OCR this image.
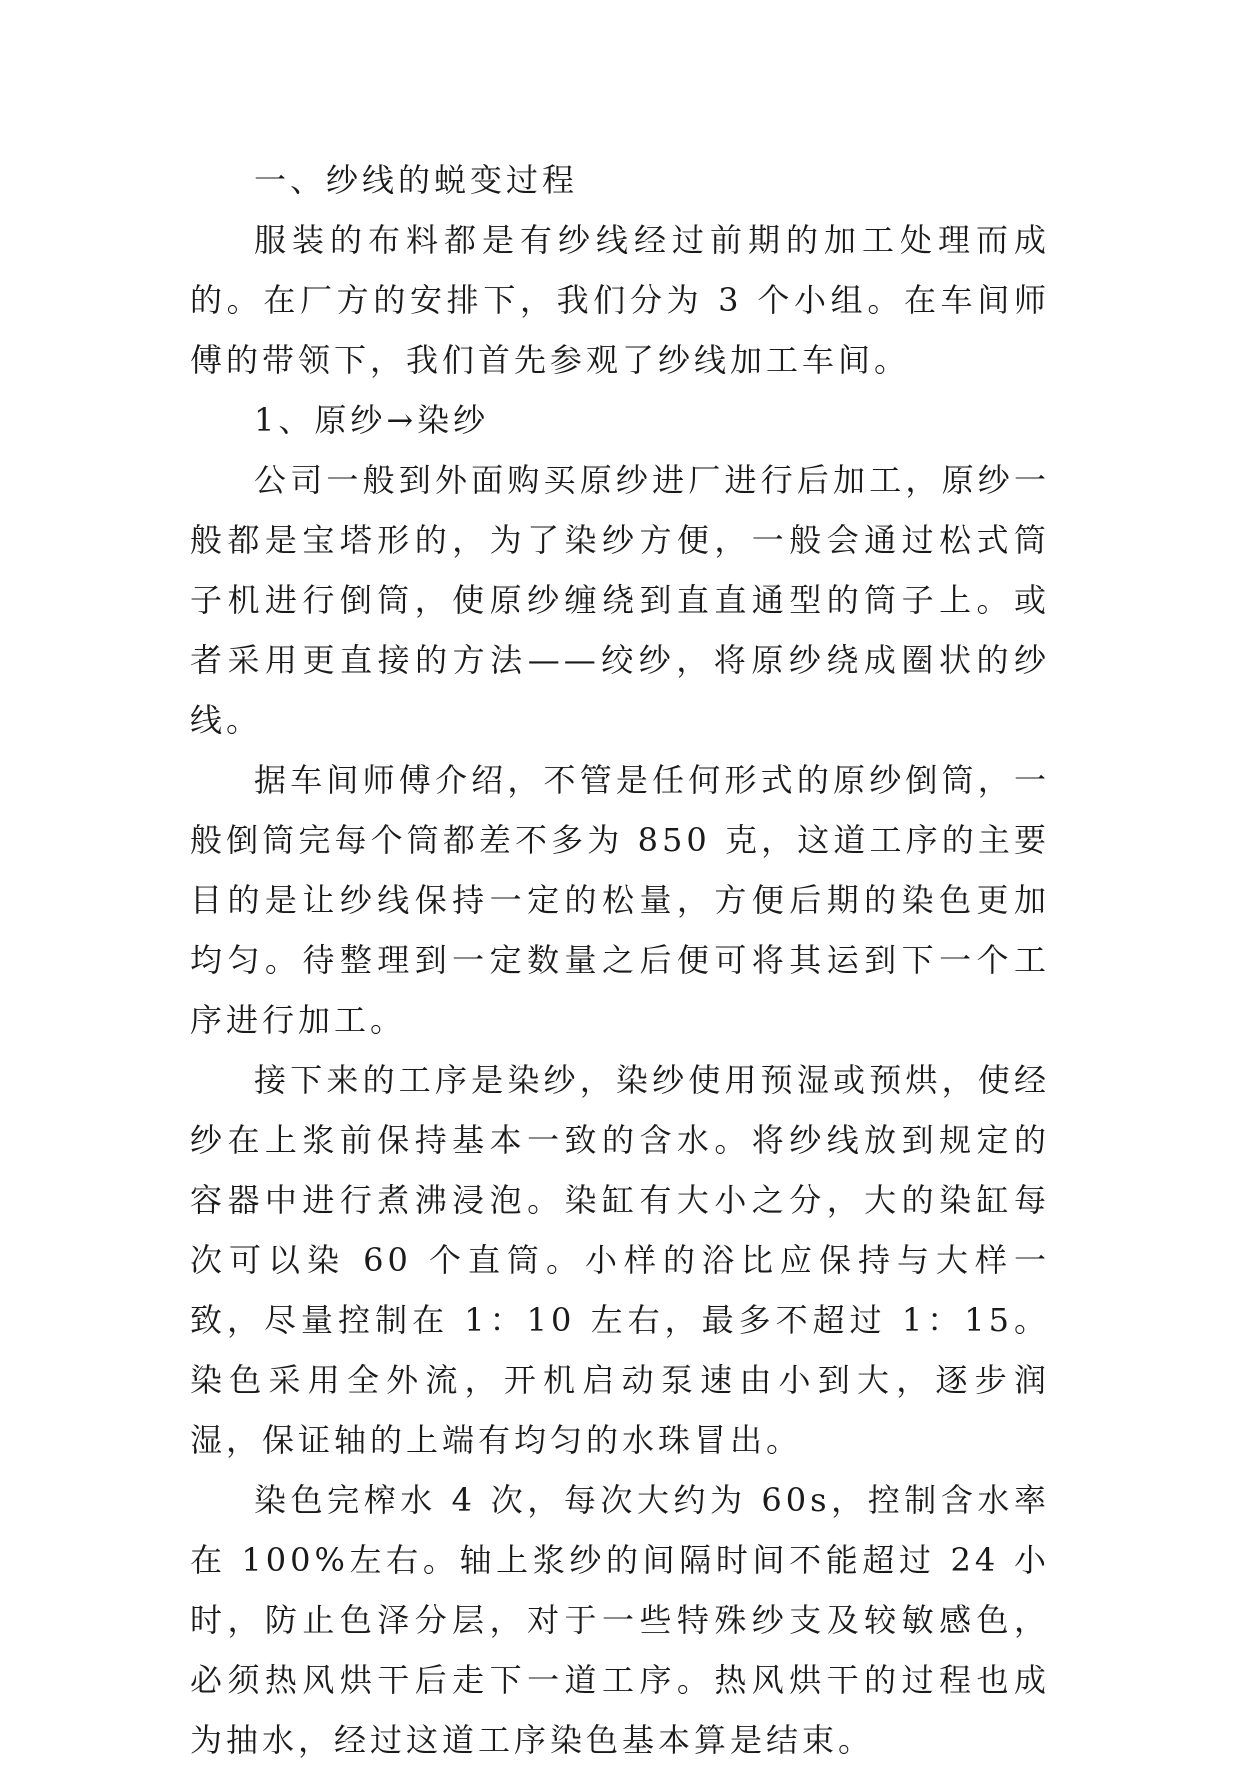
一、纱线的蜕变过程

服装的布料都是有纱线经过前期的加工处理而成的。在厂方的安排下，我们分为 3 个小组。在车间师傅的带领下，我们首先参观了纱线加工车间。

1、原纱→染纱

公司一般到外面购买原纱进厂进行后加工，原纱一般都是宝塔形的，为了染纱方便，一般会通过松式筒子机进行倒筒，使原纱缠绕到直直通型的筒子上。或者采用更直接的方法——绞纱，将原纱绕成圈状的纱线。

据车间师傅介绍，不管是任何形式的原纱倒筒，一般倒筒完每个筒都差不多为 850 克，这道工序的主要目的是让纱线保持一定的松量，方便后期的染色更加均匀。待整理到一定数量之后便可将其运到下一个工序进行加工。

接下来的工序是染纱，染纱使用预湿或预烘，使经纱在上浆前保持基本一致的含水。将纱线放到规定的容器中进行煮沸浸泡。染缸有大小之分，大的染缸每次可以染 60 个直筒。小样的浴比应保持与大样一致，尽量控制在 1：10 左右，最多不超过 1：15。染色采用全外流，开机启动泵速由小到大，逐步润湿，保证轴的上端有均匀的水珠冒出。

染色完榨水 4 次，每次大约为 60s，控制含水率在 100%左右。轴上浆纱的间隔时间不能超过 24 小时，防止色泽分层，对于一些特殊纱支及较敏感色，必须热风烘干后走下一道工序。热风烘干的过程也成为抽水，经过这道工序染色基本算是结束。
